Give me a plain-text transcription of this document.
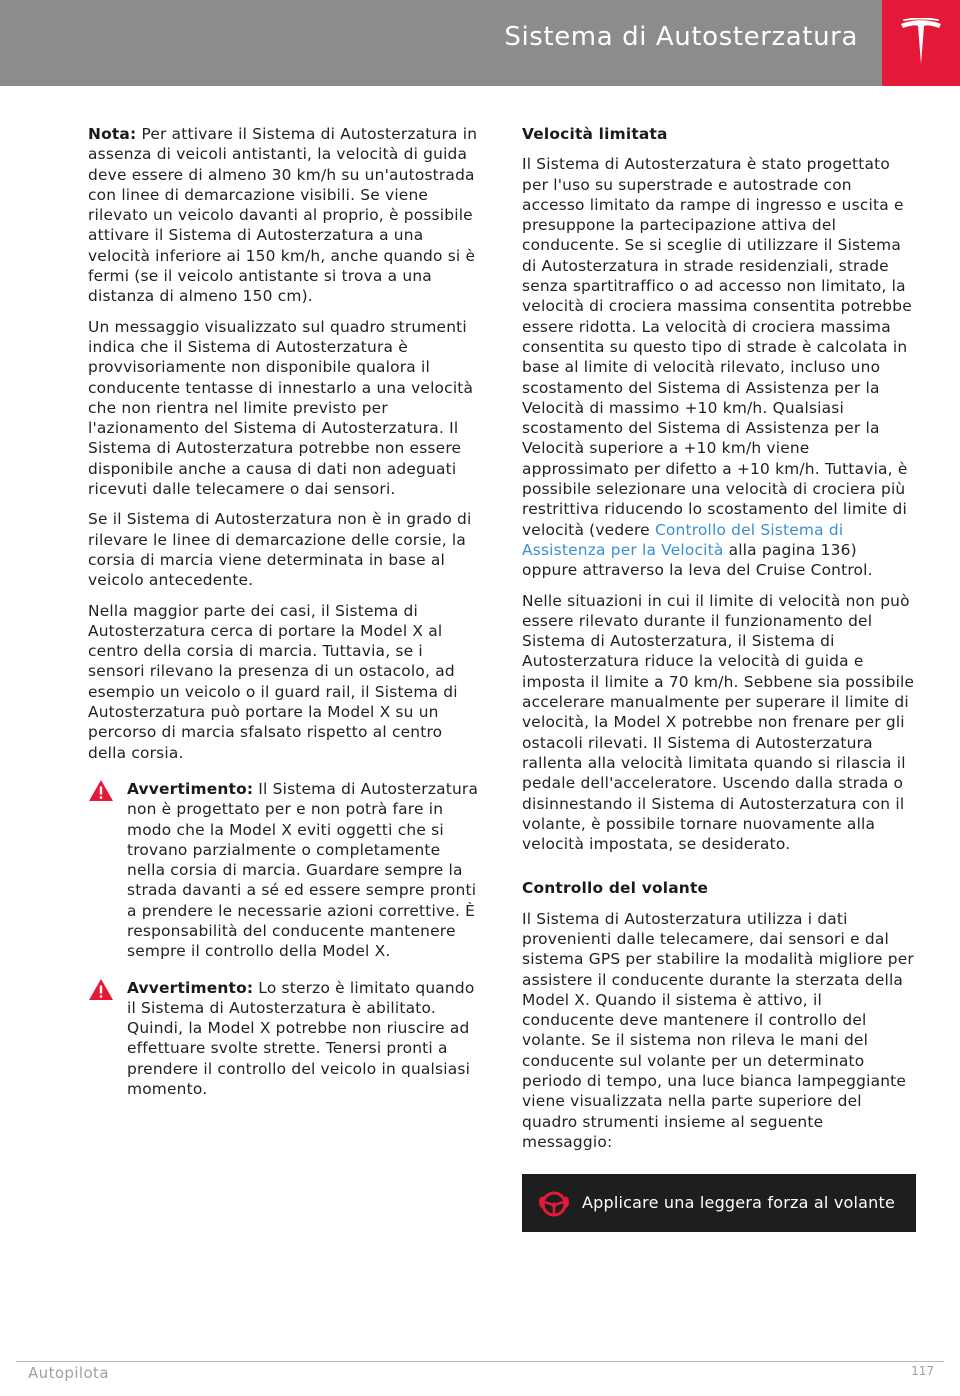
Sistema di Autosterzatura

Nota: Per attivare il Sistema di Autosterzatura in assenza di veicoli antistanti, la velocità di guida deve essere di almeno 30 km/h su un'autostrada con linee di demarcazione visibili. Se viene rilevato un veicolo davanti al proprio, è possibile attivare il Sistema di Autosterzatura a una velocità inferiore ai 150 km/h, anche quando si è fermi (se il veicolo antistante si trova a una distanza di almeno 150 cm).

Un messaggio visualizzato sul quadro strumenti indica che il Sistema di Autosterzatura è provvisoriamente non disponibile qualora il conducente tentasse di innestarlo a una velocità che non rientra nel limite previsto per l'azionamento del Sistema di Autosterzatura. Il Sistema di Autosterzatura potrebbe non essere disponibile anche a causa di dati non adeguati ricevuti dalle telecamere o dai sensori.

Se il Sistema di Autosterzatura non è in grado di rilevare le linee di demarcazione delle corsie, la corsia di marcia viene determinata in base al veicolo antecedente.

Nella maggior parte dei casi, il Sistema di Autosterzatura cerca di portare la Model X al centro della corsia di marcia. Tuttavia, se i sensori rilevano la presenza di un ostacolo, ad esempio un veicolo o il guard rail, il Sistema di Autosterzatura può portare la Model X su un percorso di marcia sfalsato rispetto al centro della corsia.

Avvertimento: Il Sistema di Autosterzatura non è progettato per e non potrà fare in modo che la Model X eviti oggetti che si trovano parzialmente o completamente nella corsia di marcia. Guardare sempre la strada davanti a sé ed essere sempre pronti a prendere le necessarie azioni correttive. È responsabilità del conducente mantenere sempre il controllo della Model X.
Avvertimento: Lo sterzo è limitato quando il Sistema di Autosterzatura è abilitato. Quindi, la Model X potrebbe non riuscire ad effettuare svolte strette. Tenersi pronti a prendere il controllo del veicolo in qualsiasi momento.
Velocità limitata

Il Sistema di Autosterzatura è stato progettato per l'uso su superstrade e autostrade con accesso limitato da rampe di ingresso e uscita e presuppone la partecipazione attiva del conducente. Se si sceglie di utilizzare il Sistema di Autosterzatura in strade residenziali, strade senza spartitraffico o ad accesso non limitato, la velocità di crociera massima consentita potrebbe essere ridotta. La velocità di crociera massima consentita su questo tipo di strade è calcolata in base al limite di velocità rilevato, incluso uno scostamento del Sistema di Assistenza per la Velocità di massimo +10 km/h. Qualsiasi scostamento del Sistema di Assistenza per la Velocità superiore a +10 km/h viene approssimato per difetto a +10 km/h. Tuttavia, è possibile selezionare una velocità di crociera più restrittiva riducendo lo scostamento del limite di velocità (vedere Controllo del Sistema di Assistenza per la Velocità alla pagina 136) oppure attraverso la leva del Cruise Control.

Nelle situazioni in cui il limite di velocità non può essere rilevato durante il funzionamento del Sistema di Autosterzatura, il Sistema di Autosterzatura riduce la velocità di guida e imposta il limite a 70 km/h. Sebbene sia possibile accelerare manualmente per superare il limite di velocità, la Model X potrebbe non frenare per gli ostacoli rilevati. Il Sistema di Autosterzatura rallenta alla velocità limitata quando si rilascia il pedale dell'acceleratore. Uscendo dalla strada o disinnestando il Sistema di Autosterzatura con il volante, è possibile tornare nuovamente alla velocità impostata, se desiderato.

Controllo del volante

Il Sistema di Autosterzatura utilizza i dati provenienti dalle telecamere, dai sensori e dal sistema GPS per stabilire la modalità migliore per assistere il conducente durante la sterzata della Model X. Quando il sistema è attivo, il conducente deve mantenere il controllo del volante. Se il sistema non rileva le mani del conducente sul volante per un determinato periodo di tempo, una luce bianca lampeggiante viene visualizzata nella parte superiore del quadro strumenti insieme al seguente messaggio:

Applicare una leggera forza al volante
Autopilota	117
